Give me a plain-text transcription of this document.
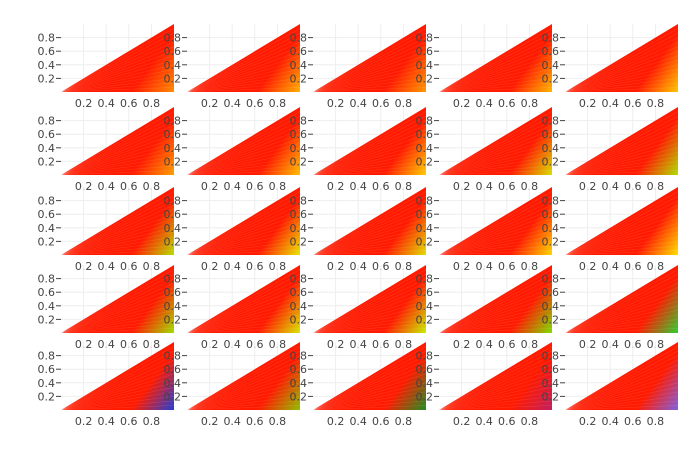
0.2
0.4
0.6
0.8
0.2 0.4 0.6 0.8
0.2
0.4
0.6
0.8
0.2 0.4 0.6 0.8
0.2
0.4
0.6
0.8
0.2 0.4 0.6 0.8
0.2
0.4
0.6
0.8
0.2 0.4 0.6 0.8
0.2
0.4
0.6
0.8
0.2 0.4 0.6 0.8
0.2
0.4
0.6
0.8
0.2 0.4 0.6 0.8
0.2
0.4
0.6
0.8
0.2 0.4 0.6 0.8
0.2
0.4
0.6
0.8
0.2 0.4 0.6 0.8
0.2
0.4
0.6
0.8
0.2 0.4 0.6 0.8
0.2
0.4
0.6
0.8
0.2 0.4 0.6 0.8
0.2
0.4
0.6
0.8
0.2 0.4 0.6 0.8
0.2
0.4
0.6
0.8
0.2 0.4 0.6 0.8
0.2
0.4
0.6
0.8
0.2 0.4 0.6 0.8
0.2
0.4
0.6
0.8
0.2 0.4 0.6 0.8
0.2
0.4
0.6
0.8
0.2 0.4 0.6 0.8
0.2
0.4
0.6
0.8
0.2 0.4 0.6 0.8
0.2
0.4
0.6
0.8
0.2 0.4 0.6 0.8
0.2
0.4
0.6
0.8
0.2 0.4 0.6 0.8
0.2
0.4
0.6
0.8
0.2 0.4 0.6 0.8
0.2
0.4
0.6
0.8
0.2 0.4 0.6 0.8
0.2
0.4
0.6
0.8
0.2 0.4 0.6 0.8
0.2
0.4
0.6
0.8
0.2 0.4 0.6 0.8
0.2
0.4
0.6
0.8
0.2 0.4 0.6 0.8
0.2
0.4
0.6
0.8
0.2 0.4 0.6 0.8
0.2
0.4
0.6
0.8
0.2 0.4 0.6 0.8
